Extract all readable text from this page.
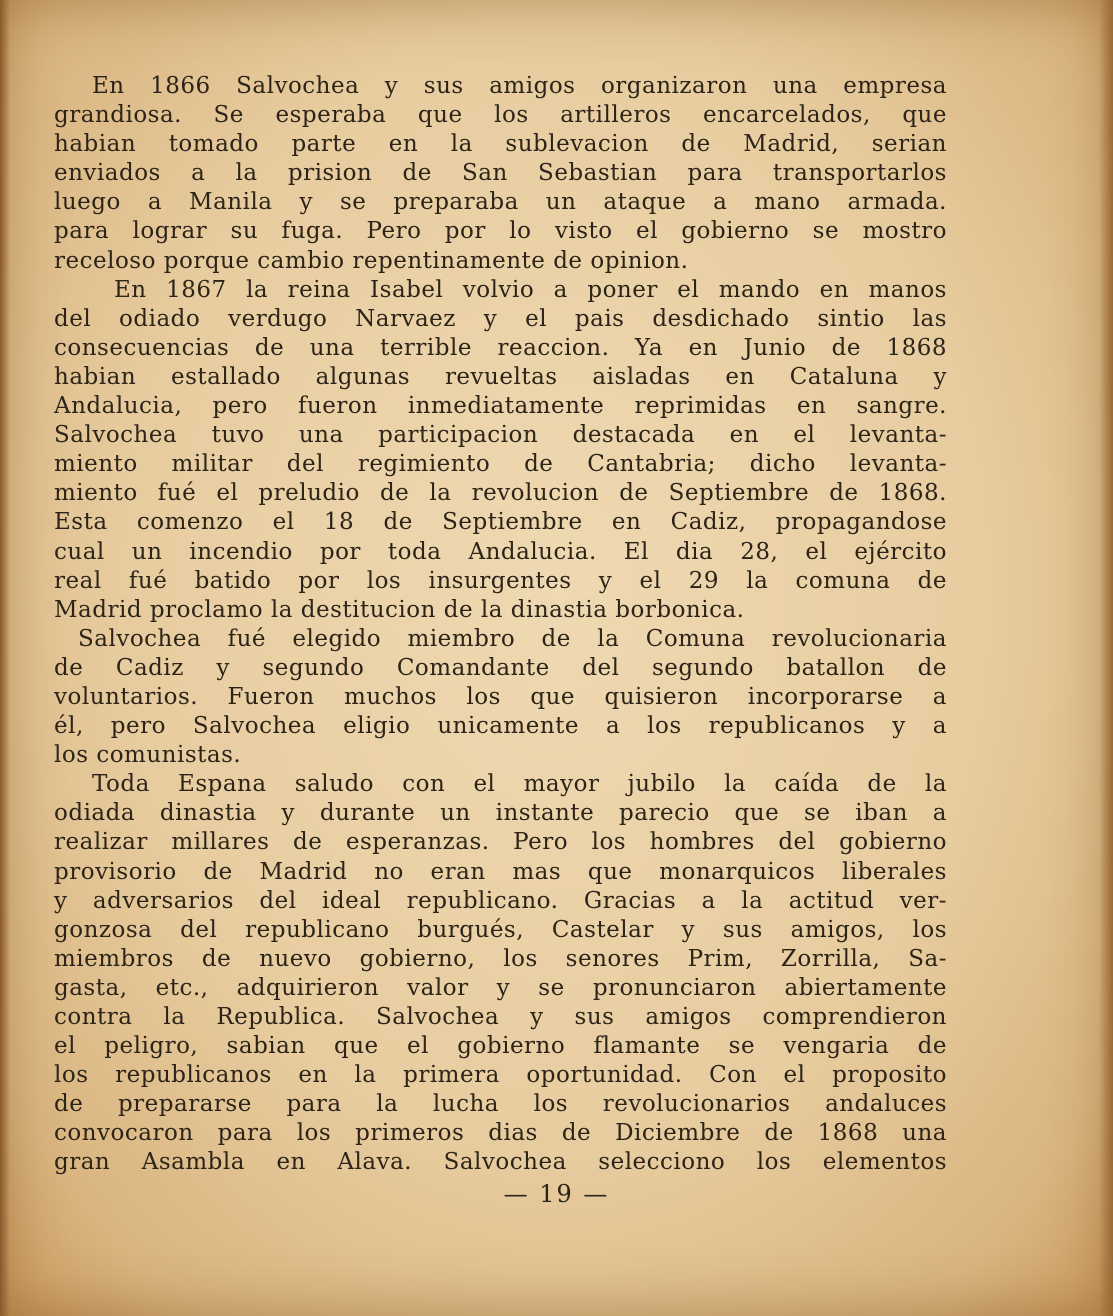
En 1866 Salvochea y sus amigos organizaron una empresa
grandiosa. Se esperaba que los artilleros encarcelados, que
habian tomado parte en la sublevacion de Madrid, serian
enviados a la prision de San Sebastian para transportarlos
luego a Manila y se preparaba un ataque a mano armada.
para lograr su fuga. Pero por lo visto el gobierno se mostro
receloso porque cambio repentinamente de opinion.
En 1867 la reina Isabel volvio a poner el mando en manos
del odiado verdugo Narvaez y el pais desdichado sintio las
consecuencias de una terrible reaccion. Ya en Junio de 1868
habian estallado algunas revueltas aisladas en Cataluna y
Andalucia, pero fueron inmediatamente reprimidas en sangre.
Salvochea tuvo una participacion destacada en el levanta-
miento militar del regimiento de Cantabria; dicho levanta-
miento fué el preludio de la revolucion de Septiembre de 1868.
Esta comenzo el 18 de Septiembre en Cadiz, propagandose
cual un incendio por toda Andalucia. El dia 28, el ejército
real fué batido por los insurgentes y el 29 la comuna de
Madrid proclamo la destitucion de la dinastia borbonica.
Salvochea fué elegido miembro de la Comuna revolucionaria
de Cadiz y segundo Comandante del segundo batallon de
voluntarios. Fueron muchos los que quisieron incorporarse a
él, pero Salvochea eligio unicamente a los republicanos y a
los comunistas.
Toda Espana saludo con el mayor jubilo la caída de la
odiada dinastia y durante un instante parecio que se iban a
realizar millares de esperanzas. Pero los hombres del gobierno
provisorio de Madrid no eran mas que monarquicos liberales
y adversarios del ideal republicano. Gracias a la actitud ver-
gonzosa del republicano burgués, Castelar y sus amigos, los
miembros de nuevo gobierno, los senores Prim, Zorrilla, Sa-
gasta, etc., adquirieron valor y se pronunciaron abiertamente
contra la Republica. Salvochea y sus amigos comprendieron
el peligro, sabian que el gobierno flamante se vengaria de
los republicanos en la primera oportunidad. Con el proposito
de prepararse para la lucha los revolucionarios andaluces
convocaron para los primeros dias de Diciembre de 1868 una
gran Asambla en Alava. Salvochea selecciono los elementos
— 19 —
